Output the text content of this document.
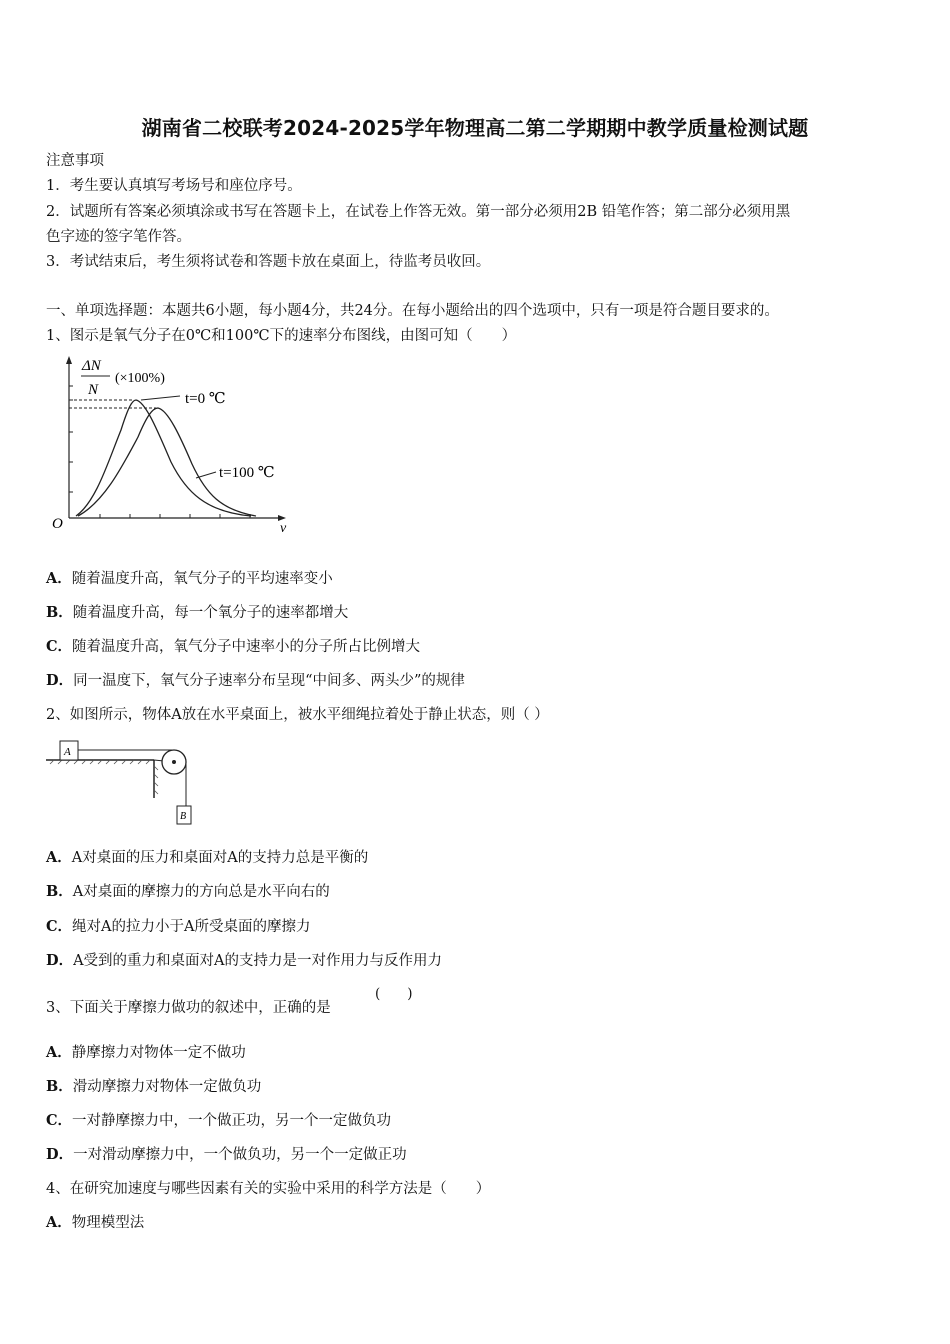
湖南省二校联考2024-2025学年物理高二第二学期期中教学质量检测试题
注意事项
1．考生要认真填写考场号和座位序号。
2．试题所有答案必须填涂或书写在答题卡上，在试卷上作答无效。第一部分必须用2B 铅笔作答；第二部分必须用黑
色字迹的签字笔作答。
3．考试结束后，考生须将试卷和答题卡放在桌面上，待监考员收回。
一、单项选择题：本题共6小题，每小题4分，共24分。在每小题给出的四个选项中，只有一项是符合题目要求的。
1、图示是氧气分子在0℃和100℃下的速率分布图线，由图可知（　　）
ΔN
N
(×100%)
t=0 ℃
t=100 ℃
O	v
A．随着温度升高，氧气分子的平均速率变小
B．随着温度升高，每一个氧分子的速率都增大
C．随着温度升高，氧气分子中速率小的分子所占比例增大
D．同一温度下，氧气分子速率分布呈现“中间多、两头少”的规律
2、如图所示，物体A放在水平桌面上，被水平细绳拉着处于静止状态，则（ ）
A
B
A．A对桌面的压力和桌面对A的支持力总是平衡的
B．A对桌面的摩擦力的方向总是水平向右的
C．绳对A的拉力小于A所受桌面的摩擦力
D．A受到的重力和桌面对A的支持力是一对作用力与反作用力
3、下面关于摩擦力做功的叙述中，正确的是
(　　)
A．静摩擦力对物体一定不做功
B．滑动摩擦力对物体一定做负功
C．一对静摩擦力中，一个做正功，另一个一定做负功
D．一对滑动摩擦力中，一个做负功，另一个一定做正功
4、在研究加速度与哪些因素有关的实验中采用的科学方法是（　　）
A．物理模型法
